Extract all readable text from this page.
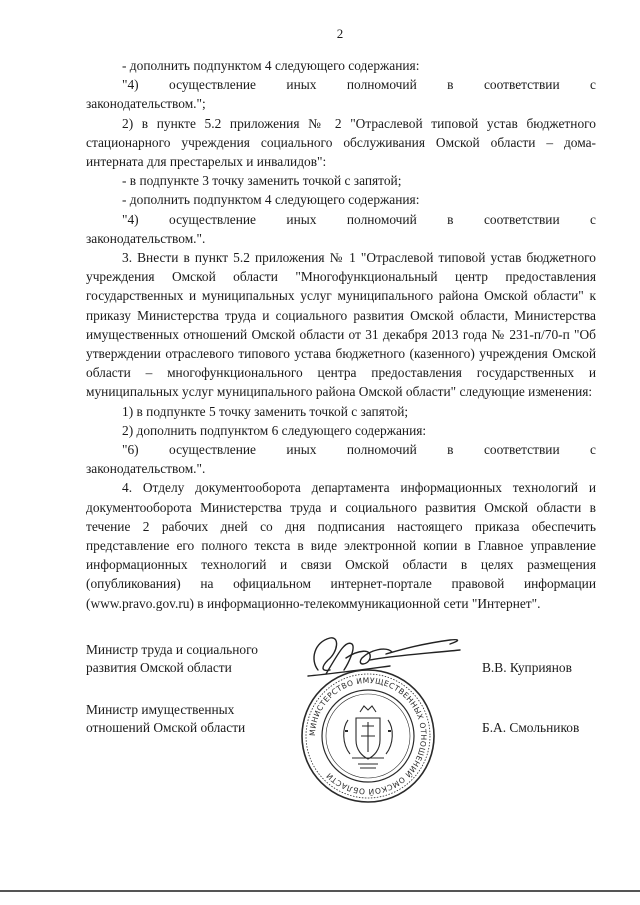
2

- дополнить подпунктом 4 следующего содержания:

"4) осуществление иных полномочий в соответствии с

законодательством.";

2) в пункте 5.2 приложения № 2 "Отраслевой типовой устав бюджетного стационарного учреждения социального обслуживания Омской области – дома-интерната для престарелых и инвалидов":

- в подпункте 3 точку заменить точкой с запятой;

- дополнить подпунктом 4 следующего содержания:

"4) осуществление иных полномочий в соответствии с

законодательством.".

3. Внести в пункт 5.2 приложения № 1 "Отраслевой типовой устав бюджетного учреждения Омской области "Многофункциональный центр предоставления государственных и муниципальных услуг муниципального района Омской области" к приказу Министерства труда и социального развития Омской области, Министерства имущественных отношений Омской области от 31 декабря 2013 года № 231-п/70-п "Об утверждении отраслевого типового устава бюджетного (казенного) учреждения Омской области – многофункционального центра предоставления государственных и муниципальных услуг муниципального района Омской области" следующие изменения:

1) в подпункте 5 точку заменить точкой с запятой;

2) дополнить подпунктом 6 следующего содержания:

"6) осуществление иных полномочий в соответствии с

законодательством.".

4. Отделу документооборота департамента информационных технологий и документооборота Министерства труда и социального развития Омской области в течение 2 рабочих дней со дня подписания настоящего приказа обеспечить представление его полного текста в виде электронной копии в Главное управление информационных технологий и связи Омской области в целях размещения (опубликования) на официальном интернет-портале правовой информации (www.pravo.gov.ru) в информационно-телекоммуникационной сети "Интернет".

Министр труда и социального
развития Омской области	В.В. Куприянов
Министр имущественных
отношений Омской области	Б.А. Смольников
МИНИСТЕРСТВО ИМУЩЕСТВЕННЫХ ОТНОШЕНИЙ ОМСКОЙ ОБЛАСТИ
